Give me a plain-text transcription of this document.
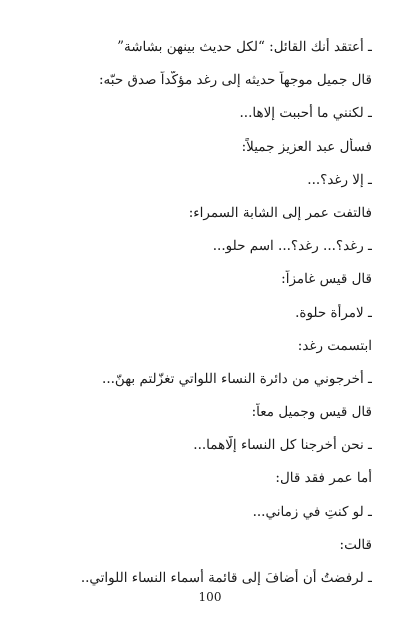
ـ أعتقد أنك القائل: “لكل حديث بينهن بشاشة”
قال جميل موجهاً حديثه إلى رغد مؤكّداً صدق حبّه:
ـ لكنني ما أحببت إلاها...
فسأل عبد العزيز جميلاً:
ـ إلا رغد؟...
فالتفت عمر إلى الشابة السمراء:
ـ رغد؟... رغد؟... اسم حلو...
قال قيس غامزاً:
ـ لامرأة حلوة.
ابتسمت رغد:
ـ أخرجوني من دائرة النساء اللواتي تغزّلتم بهنّ...
قال قيس وجميل معاً:
ـ نحن أخرجنا كل النساء إلّاهما...
أما عمر فقد قال:
ـ لو كنتِ في زماني...
قالت:
ـ لرفضتُ أن أُضافَ إلى قائمة أسماء النساء اللواتي..
100
